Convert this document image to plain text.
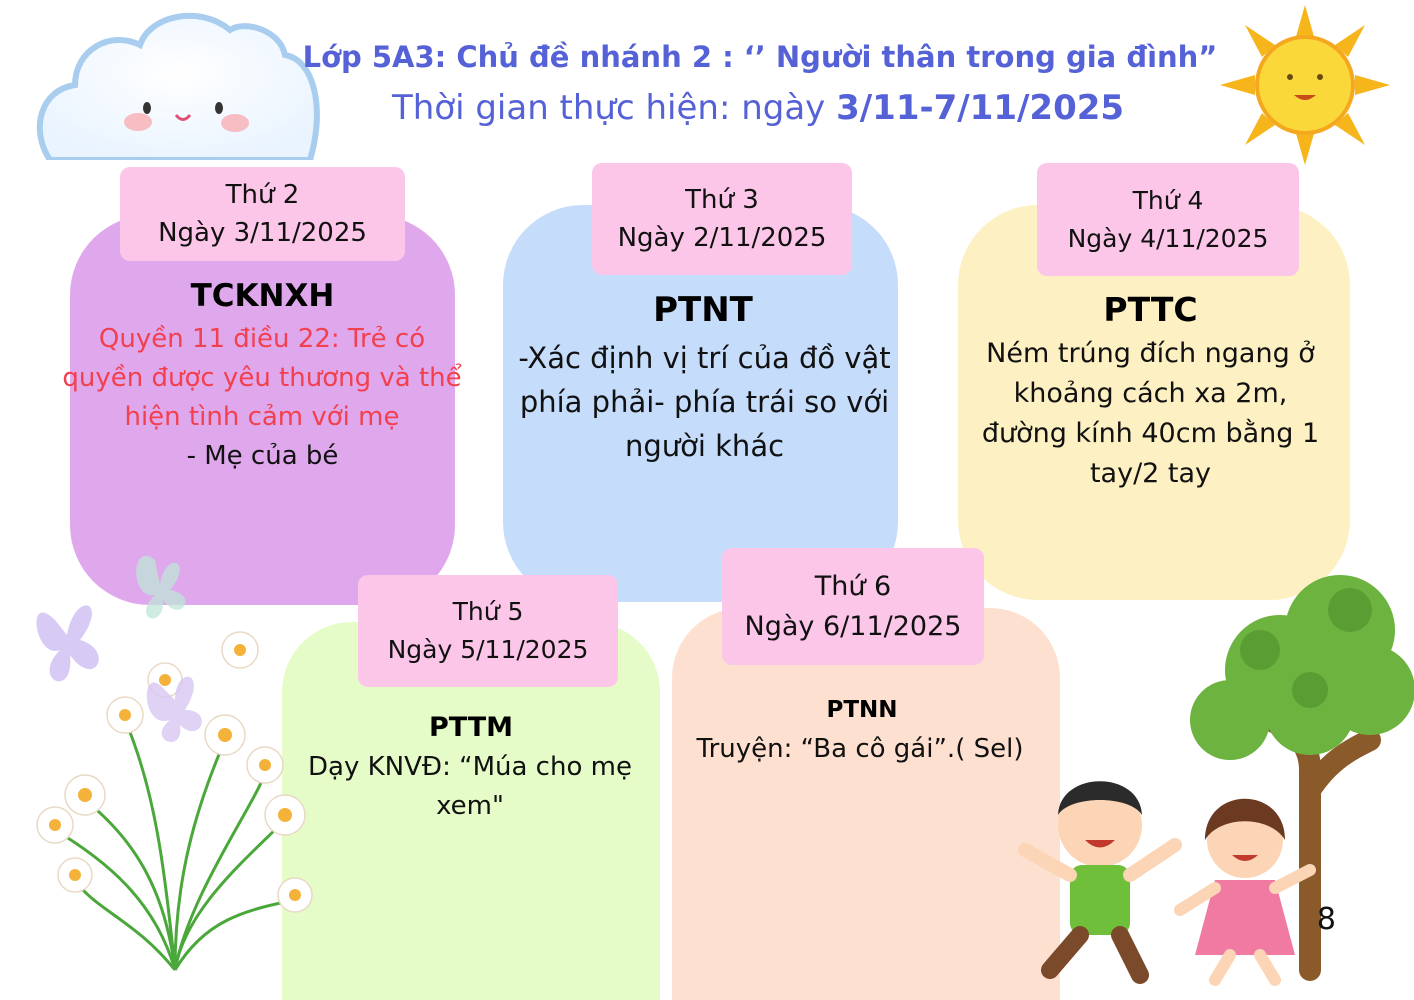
Lớp 5A3: Chủ đề nhánh 2 : ‘’ Người thân trong gia đình”
Thời gian thực hiện: ngày 3/11-7/11/2025
Thứ 2
Ngày 3/11/2025
TCKNXH
Quyền 11 điều 22: Trẻ có quyền được yêu thương và thể hiện tình cảm với mẹ
- Mẹ của bé
Thứ 3
Ngày 2/11/2025
PTNT
-Xác định vị trí của đồ vật phía phải- phía trái so với người khác
Thứ 4
Ngày 4/11/2025
PTTC
Ném trúng đích ngang ở khoảng cách xa 2m, đường kính 40cm bằng 1 tay/2 tay
Thứ 5
Ngày 5/11/2025
PTTM
Dạy KNVĐ: “Múa cho mẹ xem"
Thứ 6
Ngày 6/11/2025
PTNN
Truyện: “Ba cô gái”.( Sel)
8
